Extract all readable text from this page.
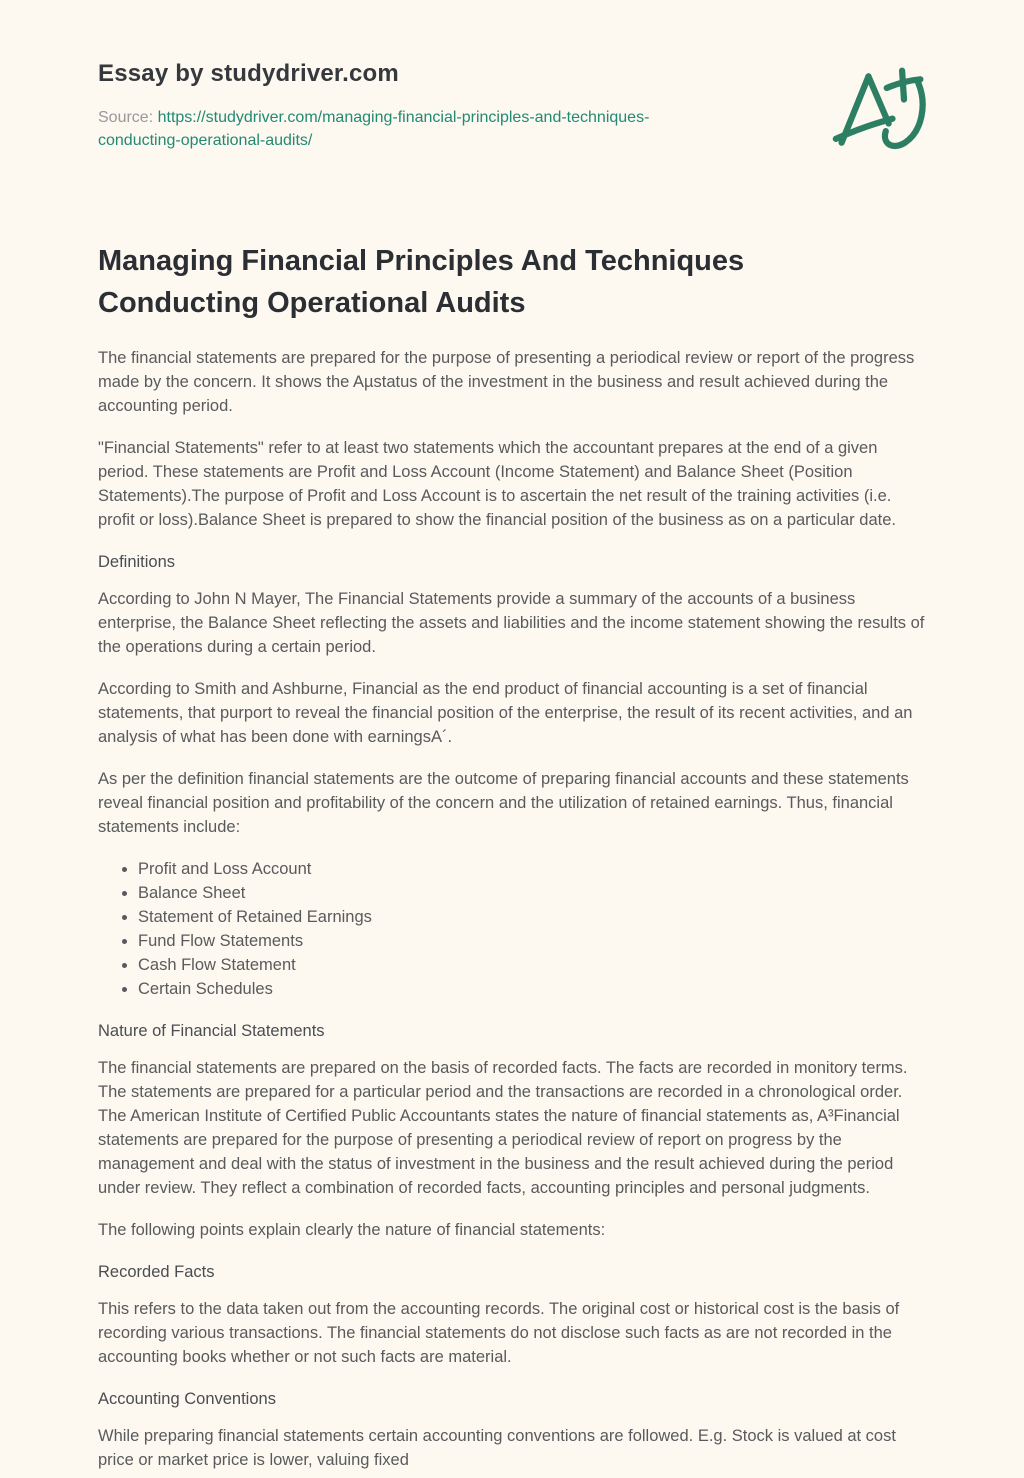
Essay by studydriver.com
Source: https://studydriver.com/managing-financial-principles-and-techniques-conducting-operational-audits/
Managing Financial Principles And Techniques Conducting Operational Audits

The financial statements are prepared for the purpose of presenting a periodical review or report of the progress made by the concern. It shows the Aµstatus of the investment in the business and result achieved during the accounting period.

"Financial Statements" refer to at least two statements which the accountant prepares at the end of a given period. These statements are Profit and Loss Account (Income Statement) and Balance Sheet (Position Statements).The purpose of Profit and Loss Account is to ascertain the net result of the training activities (i.e. profit or loss).Balance Sheet is prepared to show the financial position of the business as on a particular date.

Definitions

According to John N Mayer, The Financial Statements provide a summary of the accounts of a business enterprise, the Balance Sheet reflecting the assets and liabilities and the income statement showing the results of the operations during a certain period.

According to Smith and Ashburne, Financial as the end product of financial accounting is a set of financial statements, that purport to reveal the financial position of the enterprise, the result of its recent activities, and an analysis of what has been done with earningsA´.

As per the definition financial statements are the outcome of preparing financial accounts and these statements reveal financial position and profitability of the concern and the utilization of retained earnings. Thus, financial statements include:

• Profit and Loss Account
• Balance Sheet
• Statement of Retained Earnings
• Fund Flow Statements
• Cash Flow Statement
• Certain Schedules
Nature of Financial Statements

The financial statements are prepared on the basis of recorded facts. The facts are recorded in monitory terms. The statements are prepared for a particular period and the transactions are recorded in a chronological order. The American Institute of Certified Public Accountants states the nature of financial statements as, A³Financial statements are prepared for the purpose of presenting a periodical review of report on progress by the management and deal with the status of investment in the business and the result achieved during the period under review. They reflect a combination of recorded facts, accounting principles and personal judgments.

The following points explain clearly the nature of financial statements:

Recorded Facts

This refers to the data taken out from the accounting records. The original cost or historical cost is the basis of recording various transactions. The financial statements do not disclose such facts as are not recorded in the accounting books whether or not such facts are material.

Accounting Conventions

While preparing financial statements certain accounting conventions are followed. E.g. Stock is valued at cost price or market price is lower, valuing fixed
